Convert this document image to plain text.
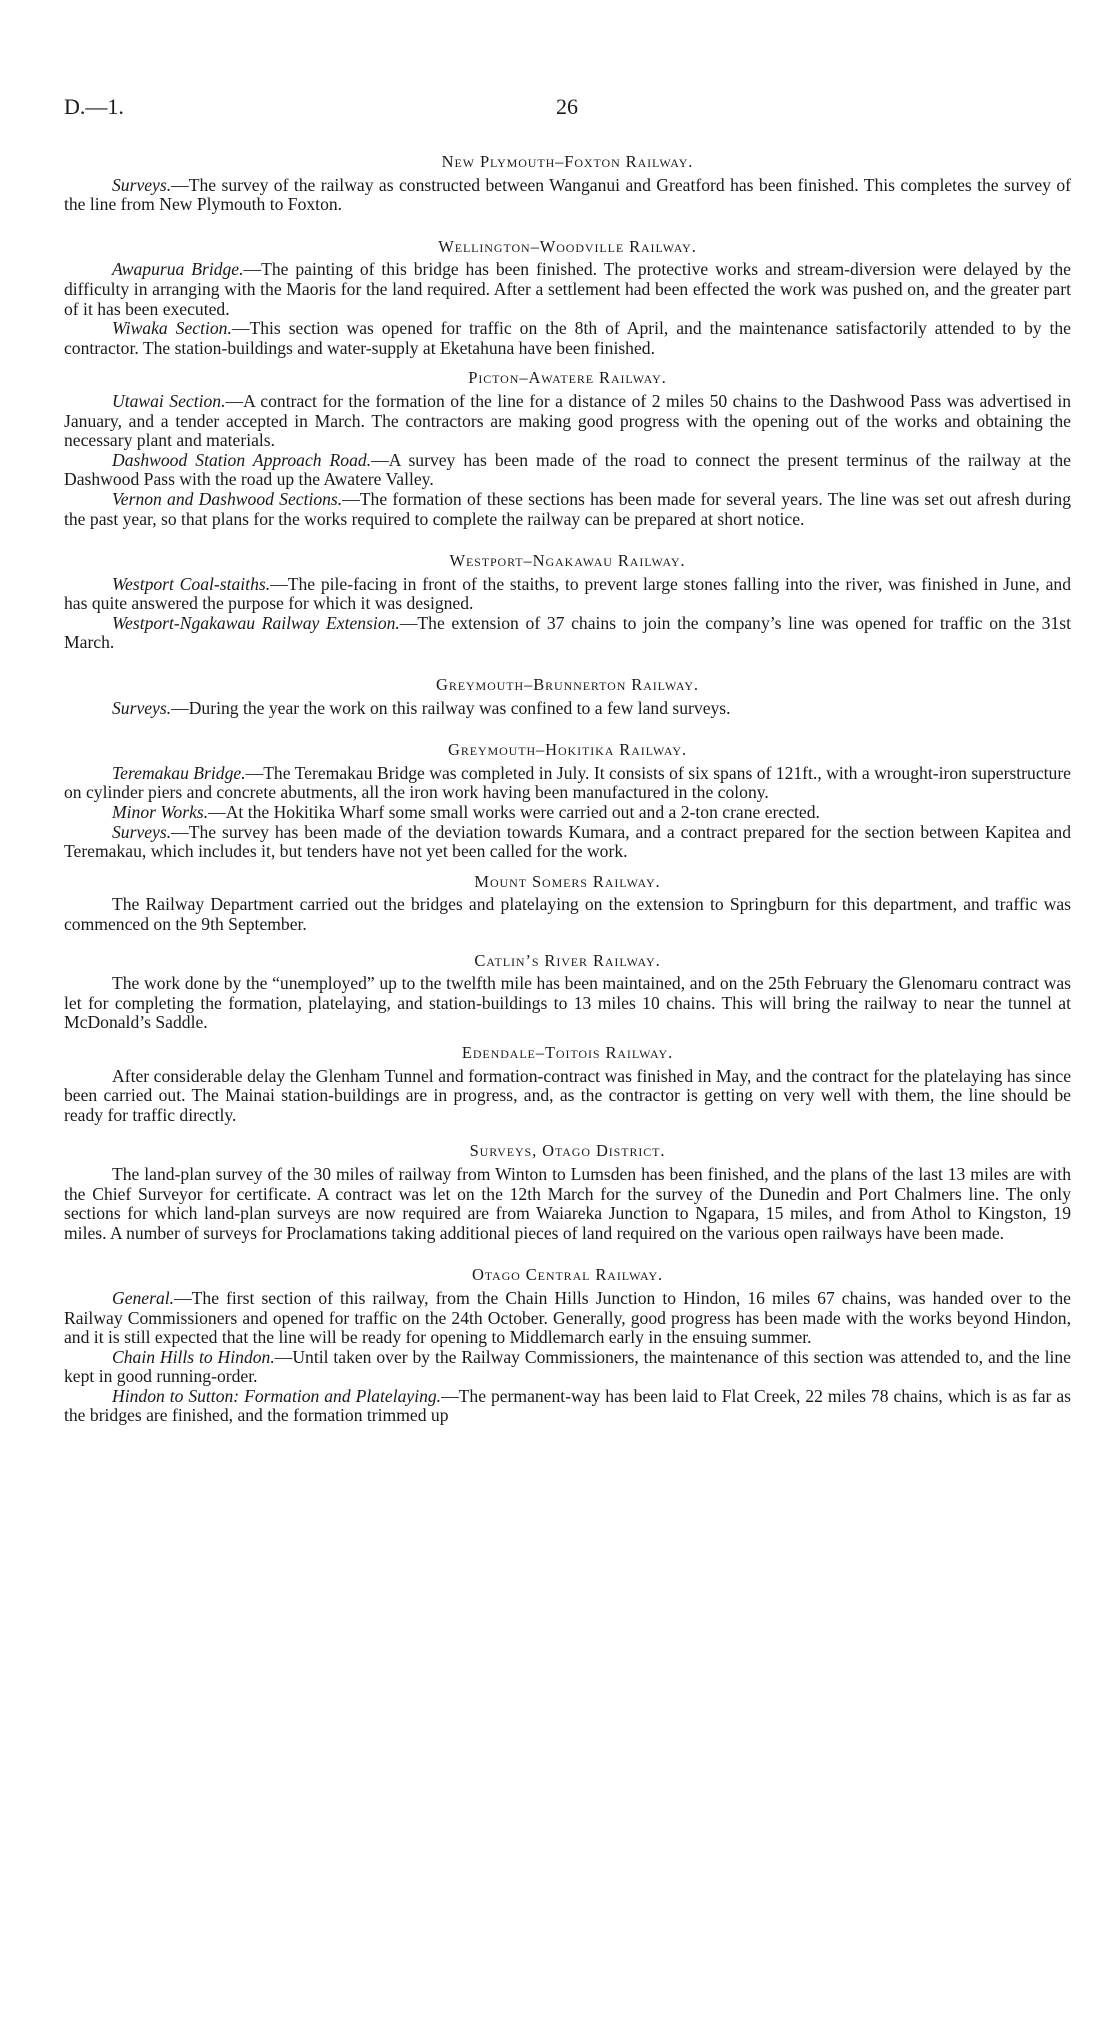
D.—1.	26
New Plymouth–Foxton Railway.

Surveys.—The survey of the railway as constructed between Wanganui and Greatford has been finished. This completes the survey of the line from New Plymouth to Foxton.

Wellington–Woodville Railway.

Awapurua Bridge.—The painting of this bridge has been finished. The protective works and stream-diversion were delayed by the difficulty in arranging with the Maoris for the land required. After a settlement had been effected the work was pushed on, and the greater part of it has been executed.

Wiwaka Section.—This section was opened for traffic on the 8th of April, and the maintenance satisfactorily attended to by the contractor. The station-buildings and water-supply at Eketahuna have been finished.

Picton–Awatere Railway.

Utawai Section.—A contract for the formation of the line for a distance of 2 miles 50 chains to the Dashwood Pass was advertised in January, and a tender accepted in March. The contractors are making good progress with the opening out of the works and obtaining the necessary plant and materials.

Dashwood Station Approach Road.—A survey has been made of the road to connect the present terminus of the railway at the Dashwood Pass with the road up the Awatere Valley.

Vernon and Dashwood Sections.—The formation of these sections has been made for several years. The line was set out afresh during the past year, so that plans for the works required to complete the railway can be prepared at short notice.

Westport–Ngakawau Railway.

Westport Coal-staiths.—The pile-facing in front of the staiths, to prevent large stones falling into the river, was finished in June, and has quite answered the purpose for which it was designed.

Westport-Ngakawau Railway Extension.—The extension of 37 chains to join the company’s line was opened for traffic on the 31st March.

Greymouth–Brunnerton Railway.

Surveys.—During the year the work on this railway was confined to a few land surveys.

Greymouth–Hokitika Railway.

Teremakau Bridge.—The Teremakau Bridge was completed in July. It consists of six spans of 121ft., with a wrought-iron superstructure on cylinder piers and concrete abutments, all the iron work having been manufactured in the colony.

Minor Works.—At the Hokitika Wharf some small works were carried out and a 2-ton crane erected.

Surveys.—The survey has been made of the deviation towards Kumara, and a contract prepared for the section between Kapitea and Teremakau, which includes it, but tenders have not yet been called for the work.

Mount Somers Railway.

The Railway Department carried out the bridges and platelaying on the extension to Springburn for this department, and traffic was commenced on the 9th September.

Catlin’s River Railway.

The work done by the “unemployed” up to the twelfth mile has been maintained, and on the 25th February the Glenomaru contract was let for completing the formation, platelaying, and station-buildings to 13 miles 10 chains. This will bring the railway to near the tunnel at McDonald’s Saddle.

Edendale–Toitois Railway.

After considerable delay the Glenham Tunnel and formation-contract was finished in May, and the contract for the platelaying has since been carried out. The Mainai station-buildings are in progress, and, as the contractor is getting on very well with them, the line should be ready for traffic directly.

Surveys, Otago District.

The land-plan survey of the 30 miles of railway from Winton to Lumsden has been finished, and the plans of the last 13 miles are with the Chief Surveyor for certificate. A contract was let on the 12th March for the survey of the Dunedin and Port Chalmers line. The only sections for which land-plan surveys are now required are from Waiareka Junction to Ngapara, 15 miles, and from Athol to Kingston, 19 miles. A number of surveys for Proclamations taking additional pieces of land required on the various open railways have been made.

Otago Central Railway.

General.—The first section of this railway, from the Chain Hills Junction to Hindon, 16 miles 67 chains, was handed over to the Railway Commissioners and opened for traffic on the 24th October. Generally, good progress has been made with the works beyond Hindon, and it is still expected that the line will be ready for opening to Middlemarch early in the ensuing summer.

Chain Hills to Hindon.—Until taken over by the Railway Commissioners, the maintenance of this section was attended to, and the line kept in good running-order.

Hindon to Sutton: Formation and Platelaying.—The permanent-way has been laid to Flat Creek, 22 miles 78 chains, which is as far as the bridges are finished, and the formation trimmed up
